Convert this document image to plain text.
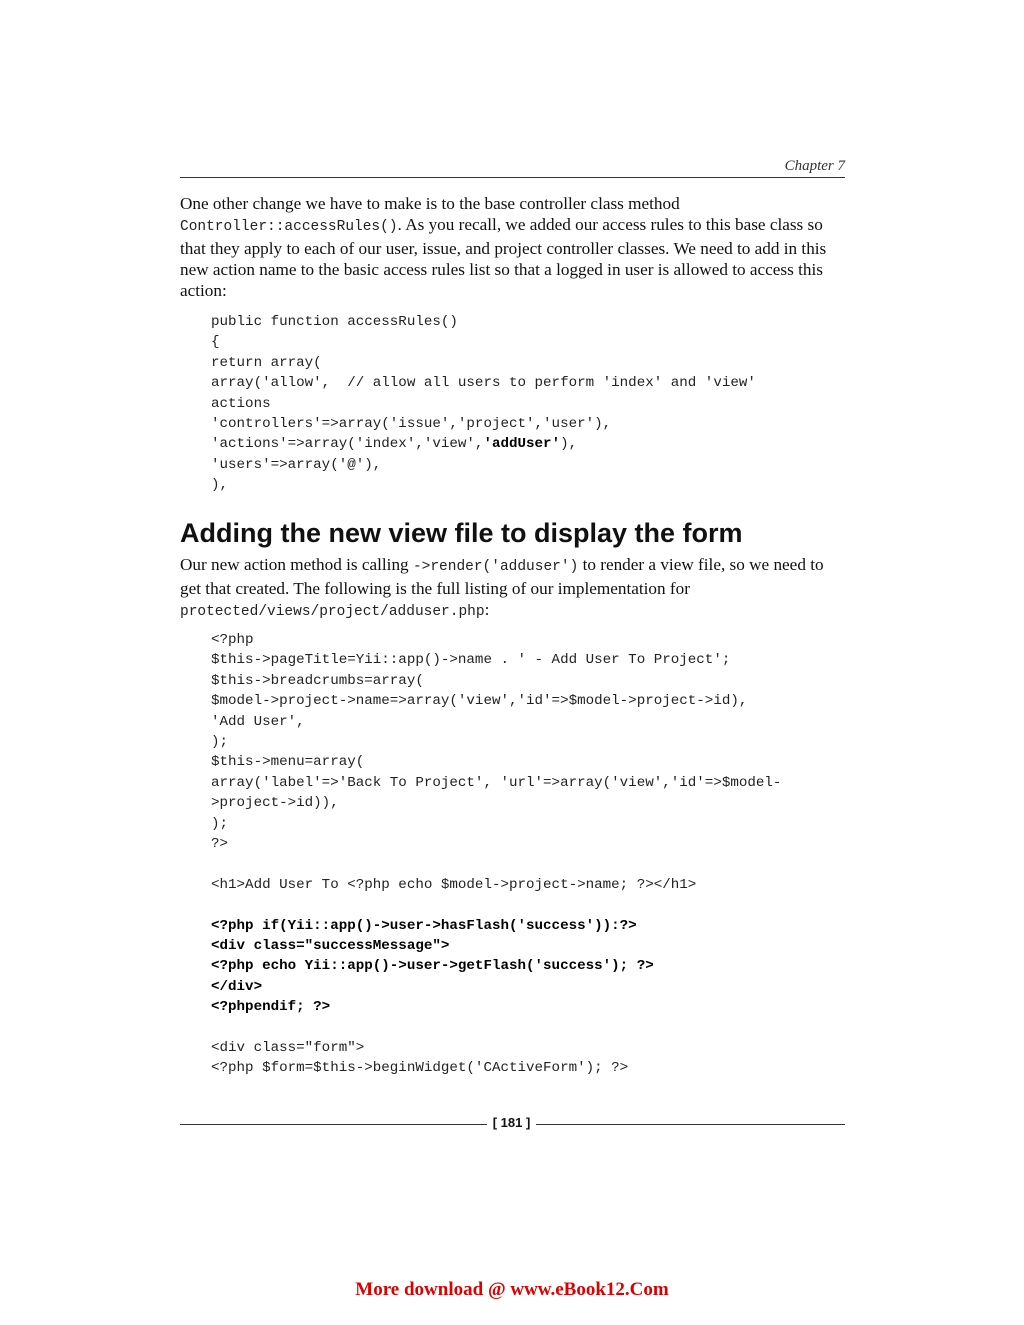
Chapter 7

One other change we have to make is to the base controller class method Controller::accessRules(). As you recall, we added our access rules to this base class so that they apply to each of our user, issue, and project controller classes. We need to add in this new action name to the basic access rules list so that a logged in user is allowed to access this action:

public function accessRules()
{
return array(
array('allow',  // allow all users to perform 'index' and 'view'
actions
'controllers'=>array('issue','project','user'),
'actions'=>array('index','view','addUser'),
'users'=>array('@'),
),
Adding the new view file to display the form

Our new action method is calling ->render('adduser') to render a view file, so we need to get that created. The following is the full listing of our implementation for protected/views/project/adduser.php:

<?php
$this->pageTitle=Yii::app()->name . ' - Add User To Project';
$this->breadcrumbs=array(
$model->project->name=>array('view','id'=>$model->project->id),
'Add User',
);
$this->menu=array(
array('label'=>'Back To Project', 'url'=>array('view','id'=>$model-
>project->id)),
);
?>
<h1>Add User To <?php echo $model->project->name; ?></h1>
<?php if(Yii::app()->user->hasFlash('success')):?>
<div class="successMessage">
<?php echo Yii::app()->user->getFlash('success'); ?>
</div>
<?phpendif; ?>
<div class="form">
<?php $form=$this->beginWidget('CActiveForm'); ?>
[ 181 ]
More download @ www.eBook12.Com
